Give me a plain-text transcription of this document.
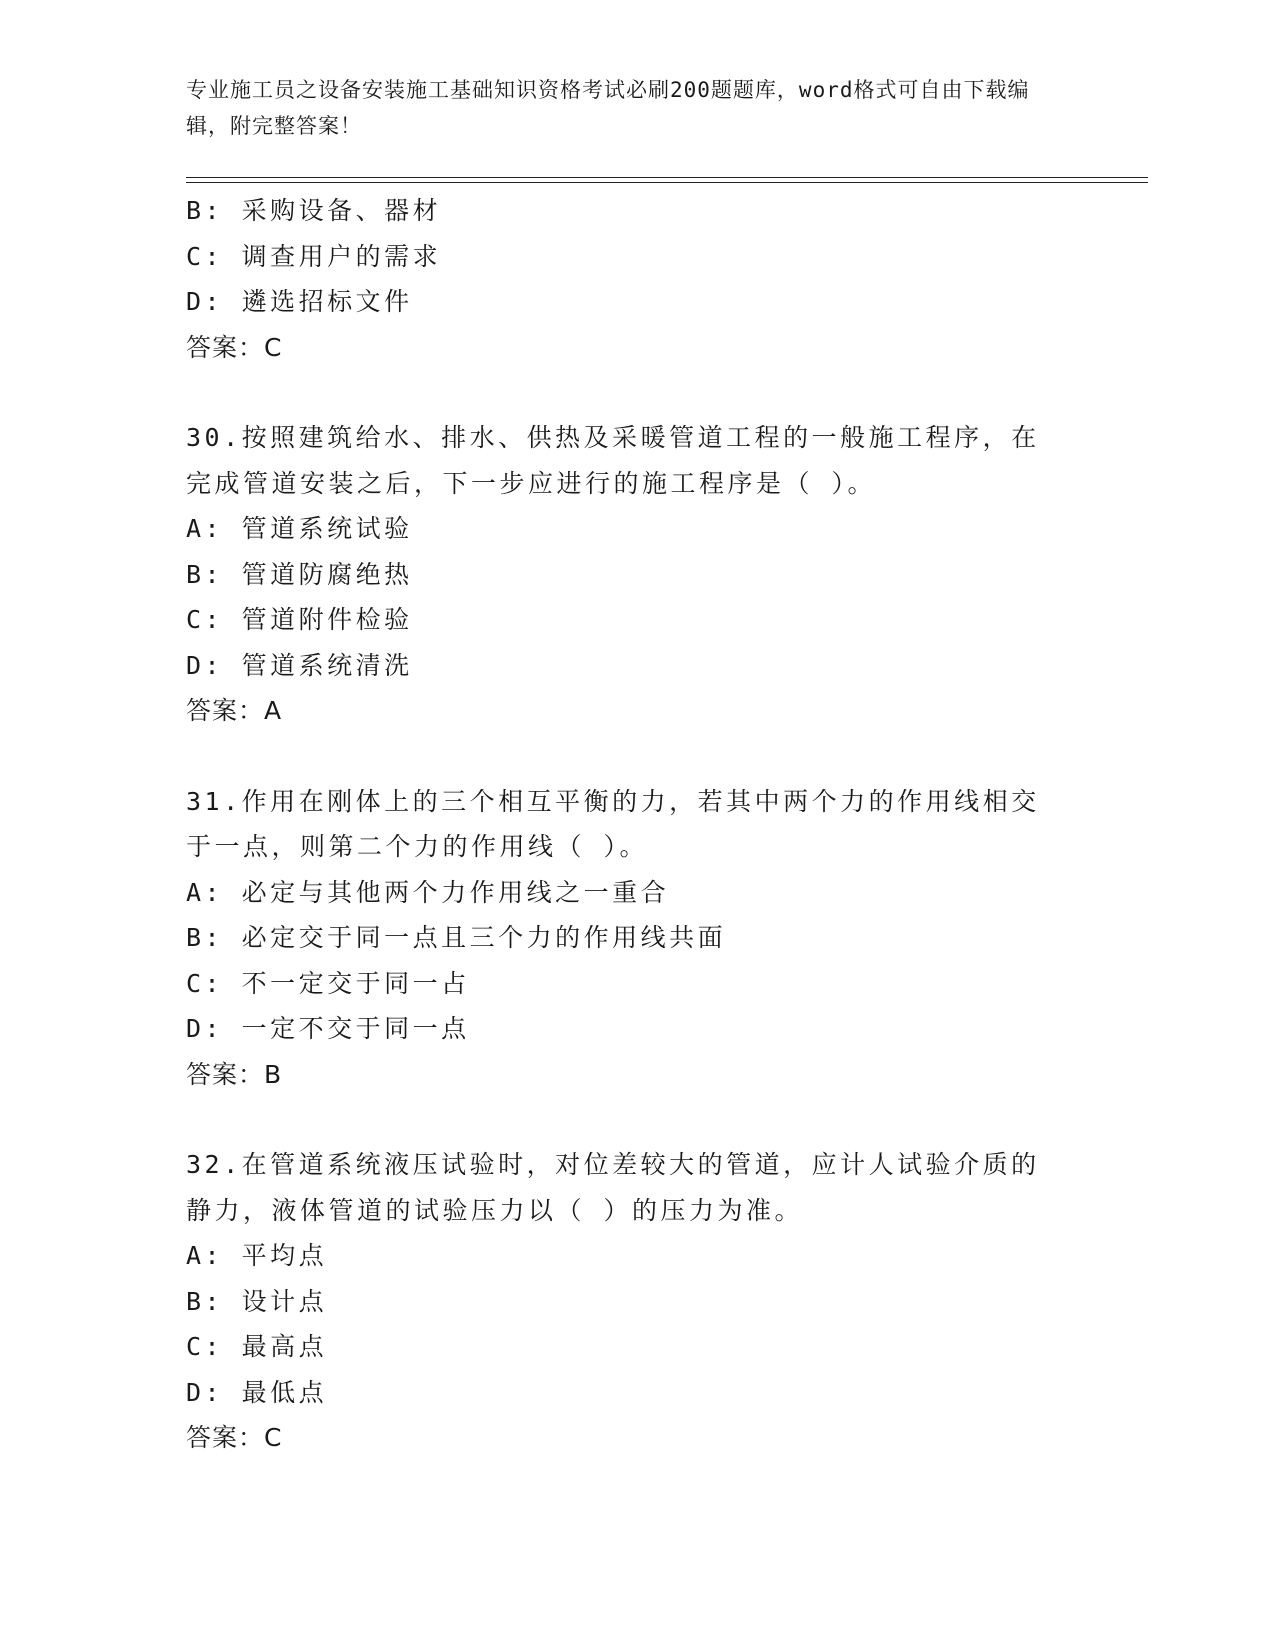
专业施工员之设备安装施工基础知识资格考试必刷200题题库，word格式可自由下载编辑，附完整答案！
B: 采购设备、器材
C: 调查用户的需求
D: 遴选招标文件
答案：C
30.按照建筑给水、排水、供热及采暖管道工程的一般施工程序，在完成管道安装之后，下一步应进行的施工程序是（ ）。
A: 管道系统试验
B: 管道防腐绝热
C: 管道附件检验
D: 管道系统清洗
答案：A
31.作用在刚体上的三个相互平衡的力，若其中两个力的作用线相交于一点，则第二个力的作用线（ ）。
A: 必定与其他两个力作用线之一重合
B: 必定交于同一点且三个力的作用线共面
C: 不一定交于同一占
D: 一定不交于同一点
答案：B
32.在管道系统液压试验时，对位差较大的管道，应计人试验介质的静力，液体管道的试验压力以（ ）的压力为准。
A: 平均点
B: 设计点
C: 最高点
D: 最低点
答案：C
